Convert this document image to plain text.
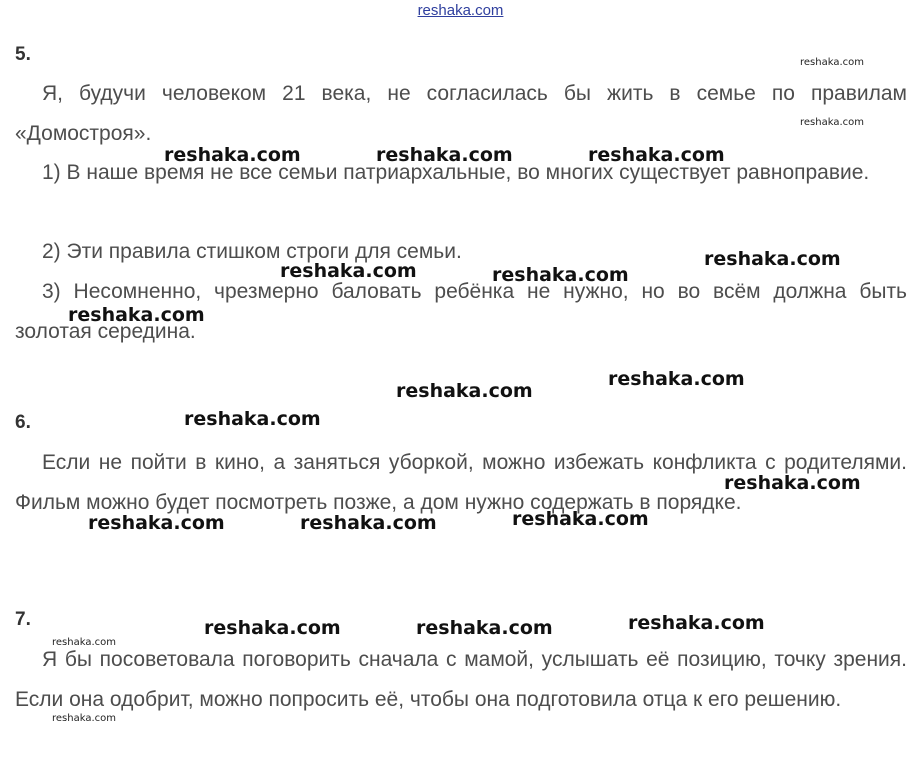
reshaka.com
5.

Я, будучи человеком 21 века, не согласилась бы жить в семье по правилам «Домостроя».

1) В наше время не все семьи патриархальные, во многих существует равноправие.

2) Эти правила стишком строги для семьи.

3) Несомненно, чрезмерно баловать ребёнка не нужно, но во всём должна быть золотая середина.

6.

Если не пойти в кино, а заняться уборкой, можно избежать конфликта с родителями. Фильм можно будет посмотреть позже, а дом нужно содержать в порядке.

7.

Я бы посоветовала поговорить сначала с мамой, услышать её позицию, точку зрения. Если она одобрит, можно попросить её, чтобы она подготовила отца к его решению.

reshaka.com
reshaka.com
reshaka.com	reshaka.com	reshaka.com
reshaka.com
reshaka.com	reshaka.com
reshaka.com
reshaka.com
reshaka.com
reshaka.com
reshaka.com
reshaka.com
reshaka.com	reshaka.com
reshaka.com
reshaka.com	reshaka.com
reshaka.com
reshaka.com
